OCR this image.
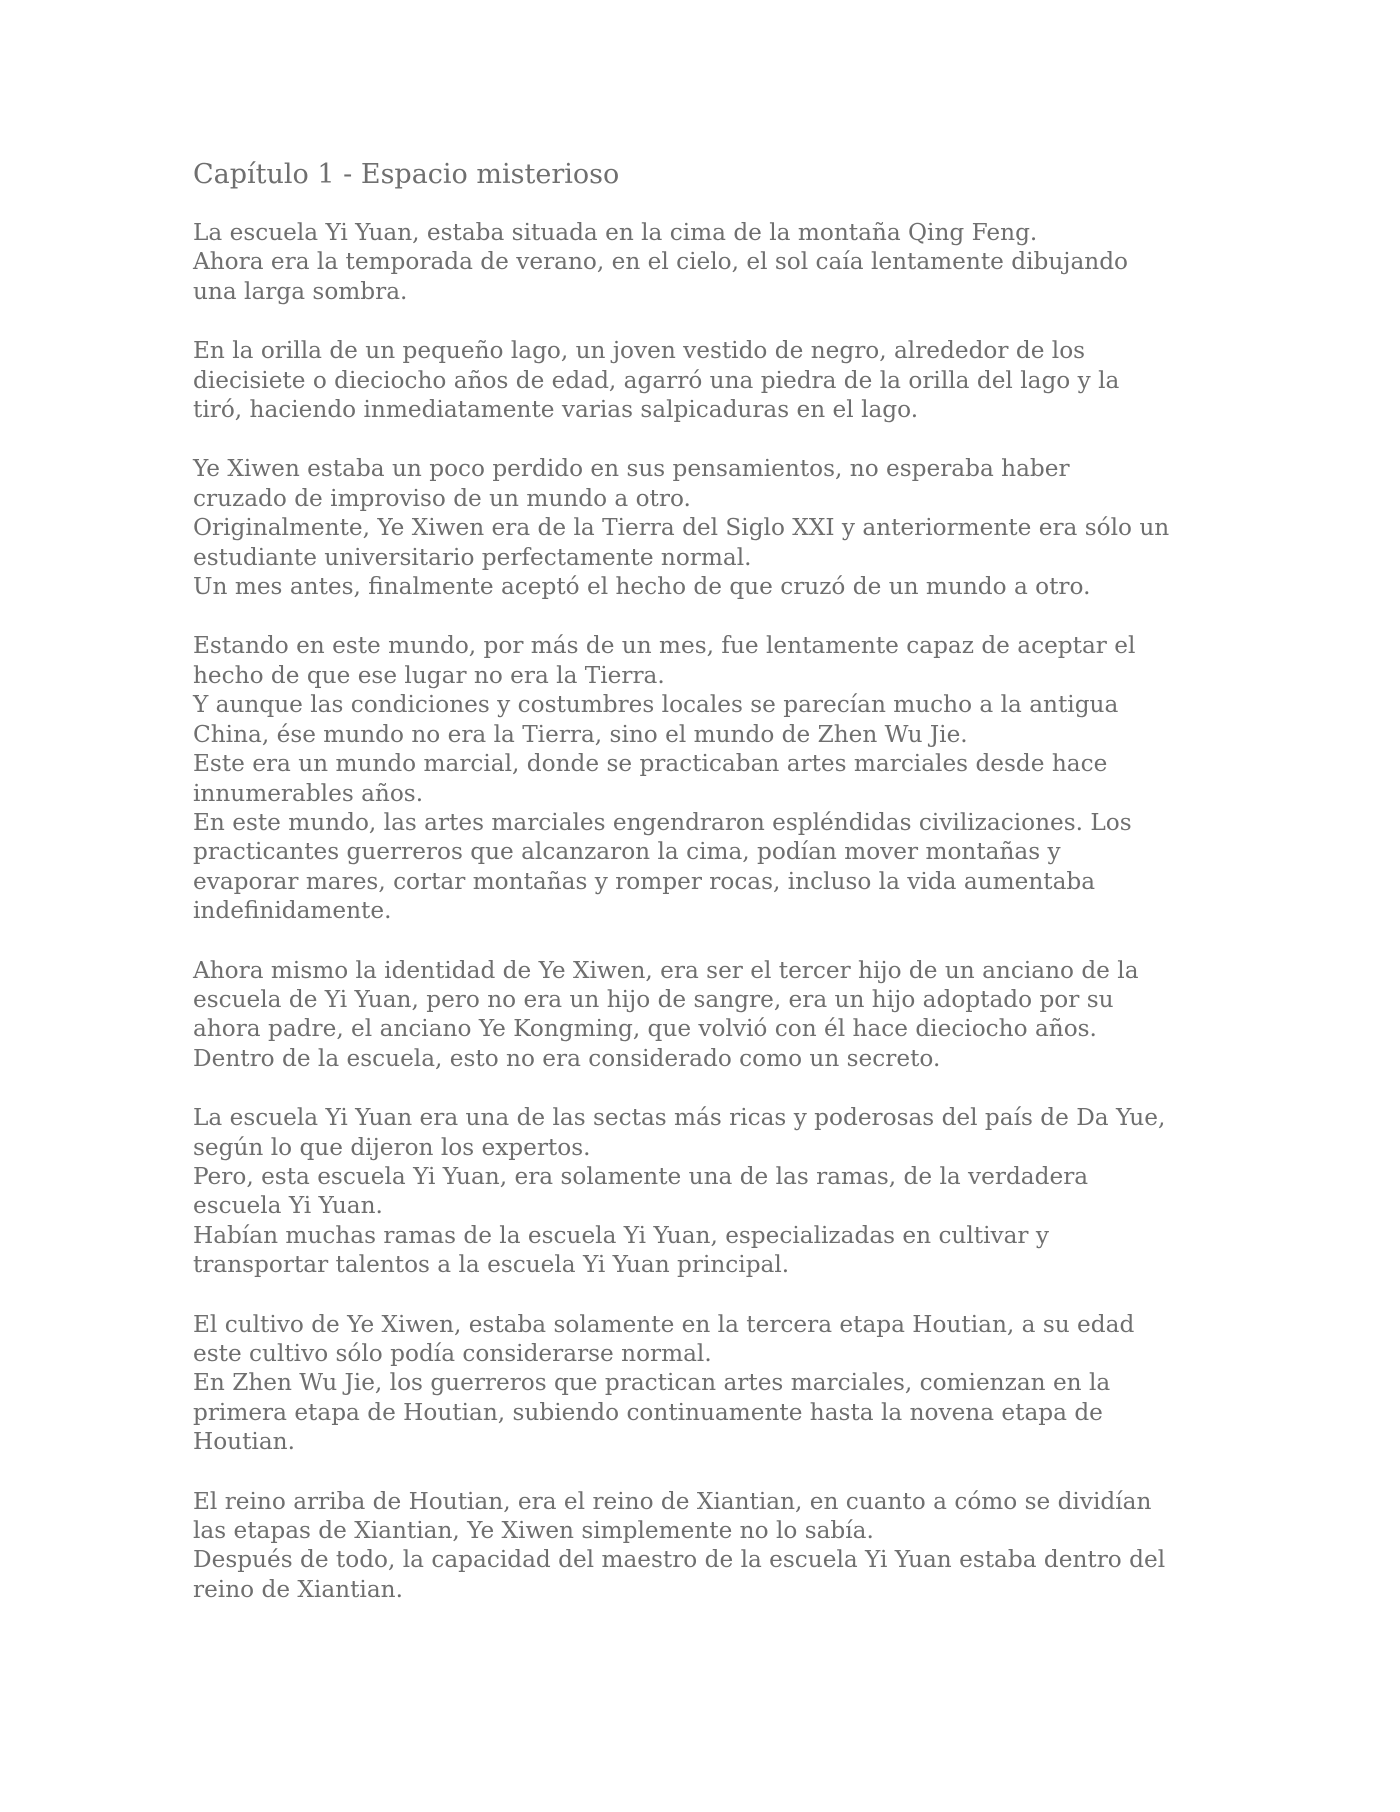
Capítulo 1 - Espacio misterioso
La escuela Yi Yuan, estaba situada en la cima de la montaña Qing Feng.
Ahora era la temporada de verano, en el cielo, el sol caía lentamente dibujando
una larga sombra.
En la orilla de un pequeño lago, un joven vestido de negro, alrededor de los
diecisiete o dieciocho años de edad, agarró una piedra de la orilla del lago y la
tiró, haciendo inmediatamente varias salpicaduras en el lago.
Ye Xiwen estaba un poco perdido en sus pensamientos, no esperaba haber
cruzado de improviso de un mundo a otro.
Originalmente, Ye Xiwen era de la Tierra del Siglo XXI y anteriormente era sólo un
estudiante universitario perfectamente normal.
Un mes antes, finalmente aceptó el hecho de que cruzó de un mundo a otro.
Estando en este mundo, por más de un mes, fue lentamente capaz de aceptar el
hecho de que ese lugar no era la Tierra.
Y aunque las condiciones y costumbres locales se parecían mucho a la antigua
China, ése mundo no era la Tierra, sino el mundo de Zhen Wu Jie.
Este era un mundo marcial, donde se practicaban artes marciales desde hace
innumerables años.
En este mundo, las artes marciales engendraron espléndidas civilizaciones. Los
practicantes guerreros que alcanzaron la cima, podían mover montañas y
evaporar mares, cortar montañas y romper rocas, incluso la vida aumentaba
indefinidamente.
Ahora mismo la identidad de Ye Xiwen, era ser el tercer hijo de un anciano de la
escuela de Yi Yuan, pero no era un hijo de sangre, era un hijo adoptado por su
ahora padre, el anciano Ye Kongming, que volvió con él hace dieciocho años.
Dentro de la escuela, esto no era considerado como un secreto.
La escuela Yi Yuan era una de las sectas más ricas y poderosas del país de Da Yue,
según lo que dijeron los expertos.
Pero, esta escuela Yi Yuan, era solamente una de las ramas, de la verdadera
escuela Yi Yuan.
Habían muchas ramas de la escuela Yi Yuan, especializadas en cultivar y
transportar talentos a la escuela Yi Yuan principal.
El cultivo de Ye Xiwen, estaba solamente en la tercera etapa Houtian, a su edad
este cultivo sólo podía considerarse normal.
En Zhen Wu Jie, los guerreros que practican artes marciales, comienzan en la
primera etapa de Houtian, subiendo continuamente hasta la novena etapa de
Houtian.
El reino arriba de Houtian, era el reino de Xiantian, en cuanto a cómo se dividían
las etapas de Xiantian, Ye Xiwen simplemente no lo sabía.
Después de todo, la capacidad del maestro de la escuela Yi Yuan estaba dentro del
reino de Xiantian.
